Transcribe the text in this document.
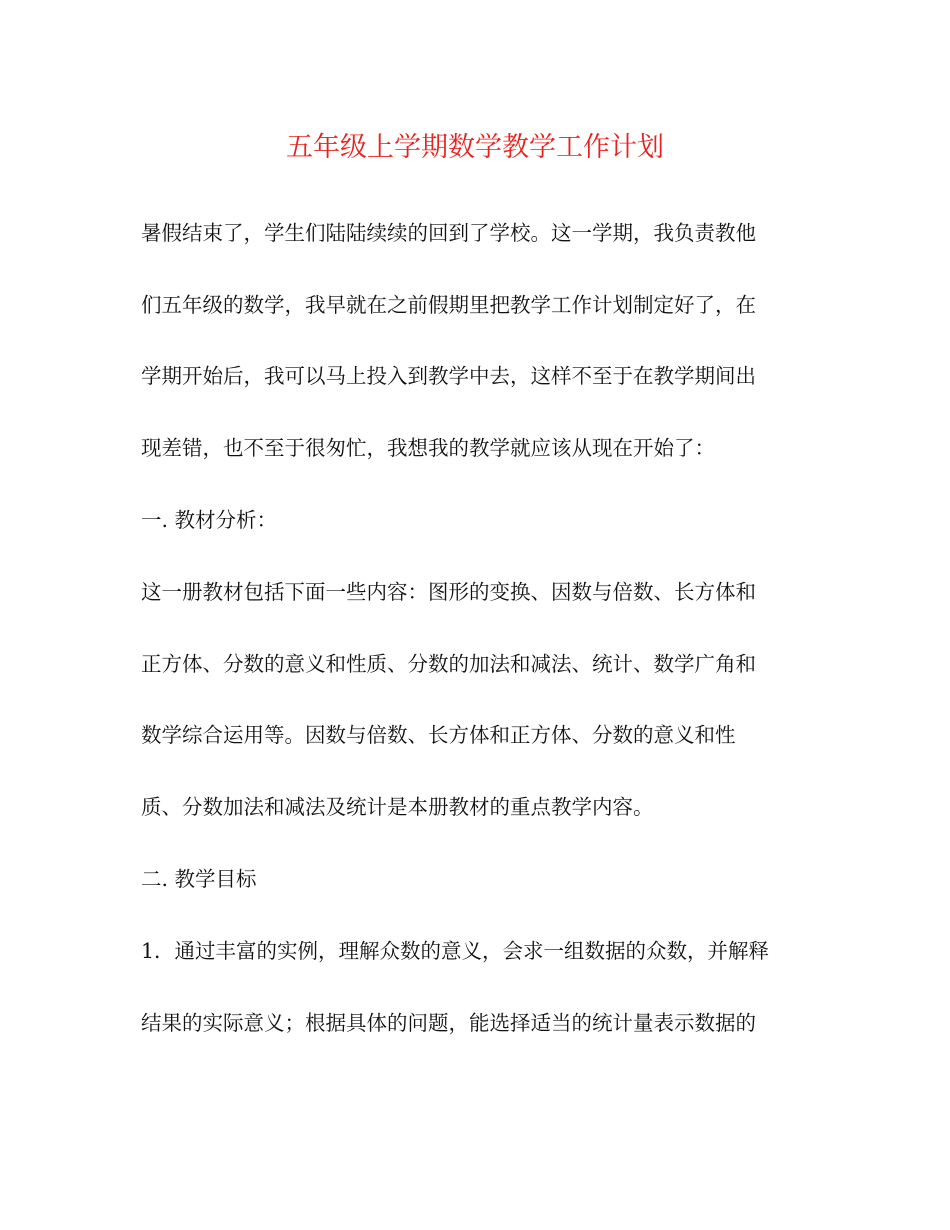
五年级上学期数学教学工作计划
暑假结束了，学生们陆陆续续的回到了学校。这一学期，我负责教他
们五年级的数学，我早就在之前假期里把教学工作计划制定好了，在
学期开始后，我可以马上投入到教学中去，这样不至于在教学期间出
现差错，也不至于很匆忙，我想我的教学就应该从现在开始了：
一. 教材分析：
这一册教材包括下面一些内容：图形的变换、因数与倍数、长方体和
正方体、分数的意义和性质、分数的加法和减法、统计、数学广角和
数学综合运用等。因数与倍数、长方体和正方体、分数的意义和性
质、分数加法和减法及统计是本册教材的重点教学内容。
二. 教学目标
1．通过丰富的实例，理解众数的意义，会求一组数据的众数，并解释
结果的实际意义；根据具体的问题，能选择适当的统计量表示数据的
